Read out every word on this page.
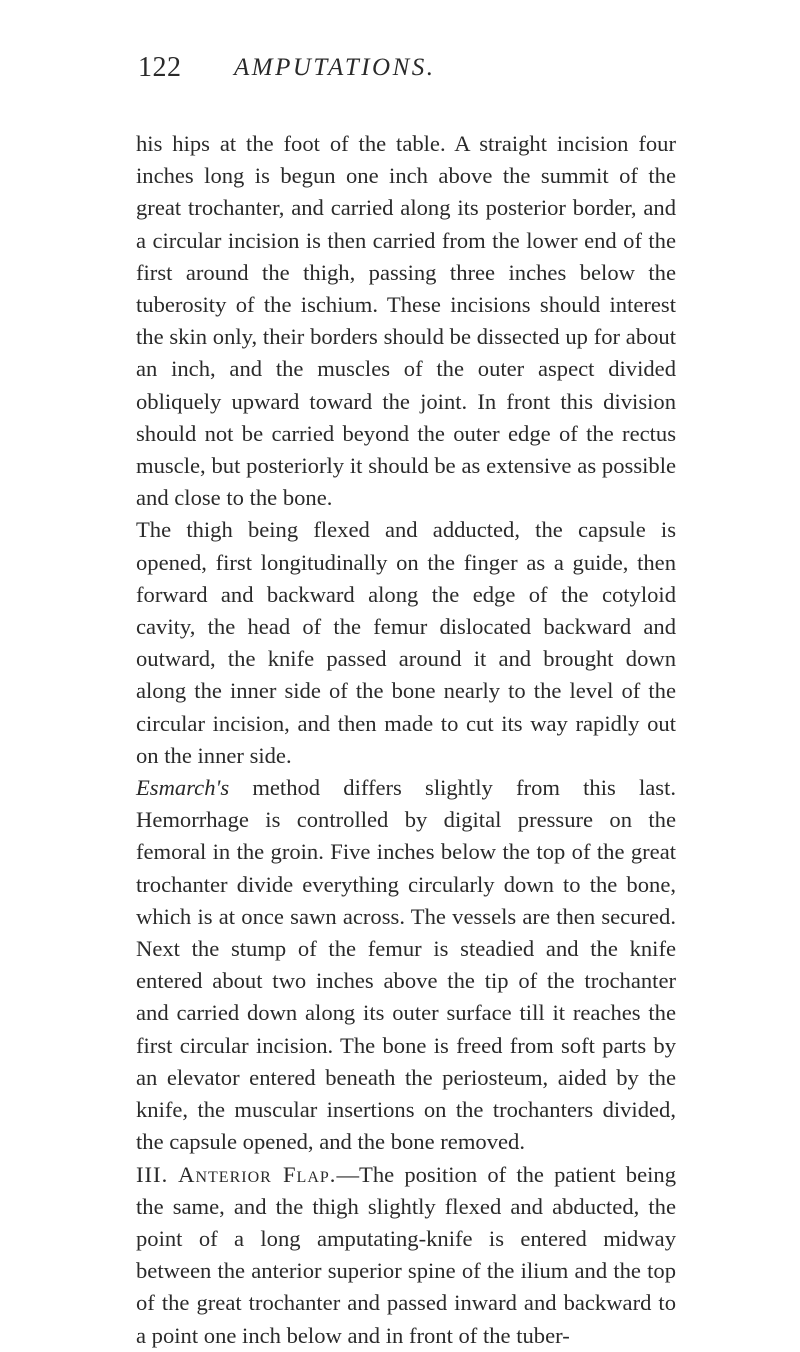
122 AMPUTATIONS.

his hips at the foot of the table. A straight incision four inches long is begun one inch above the summit of the great trochanter, and carried along its posterior border, and a circular incision is then carried from the lower end of the first around the thigh, passing three inches below the tuberosity of the ischium. These incisions should interest the skin only, their borders should be dissected up for about an inch, and the muscles of the outer aspect divided obliquely upward toward the joint. In front this division should not be carried beyond the outer edge of the rectus muscle, but posteriorly it should be as extensive as possible and close to the bone.

The thigh being flexed and adducted, the capsule is opened, first longitudinally on the finger as a guide, then forward and backward along the edge of the cotyloid cavity, the head of the femur dislocated backward and outward, the knife passed around it and brought down along the inner side of the bone nearly to the level of the circular incision, and then made to cut its way rapidly out on the inner side.

Esmarch's method differs slightly from this last. Hemorrhage is controlled by digital pressure on the femoral in the groin. Five inches below the top of the great trochanter divide everything circularly down to the bone, which is at once sawn across. The vessels are then secured. Next the stump of the femur is steadied and the knife entered about two inches above the tip of the trochanter and carried down along its outer surface till it reaches the first circular incision. The bone is freed from soft parts by an elevator entered beneath the periosteum, aided by the knife, the muscular insertions on the trochanters divided, the capsule opened, and the bone removed.

III. Anterior Flap.—The position of the patient being the same, and the thigh slightly flexed and abducted, the point of a long amputating-knife is entered midway between the anterior superior spine of the ilium and the top of the great trochanter and passed inward and backward to a point one inch below and in front of the tuber-
